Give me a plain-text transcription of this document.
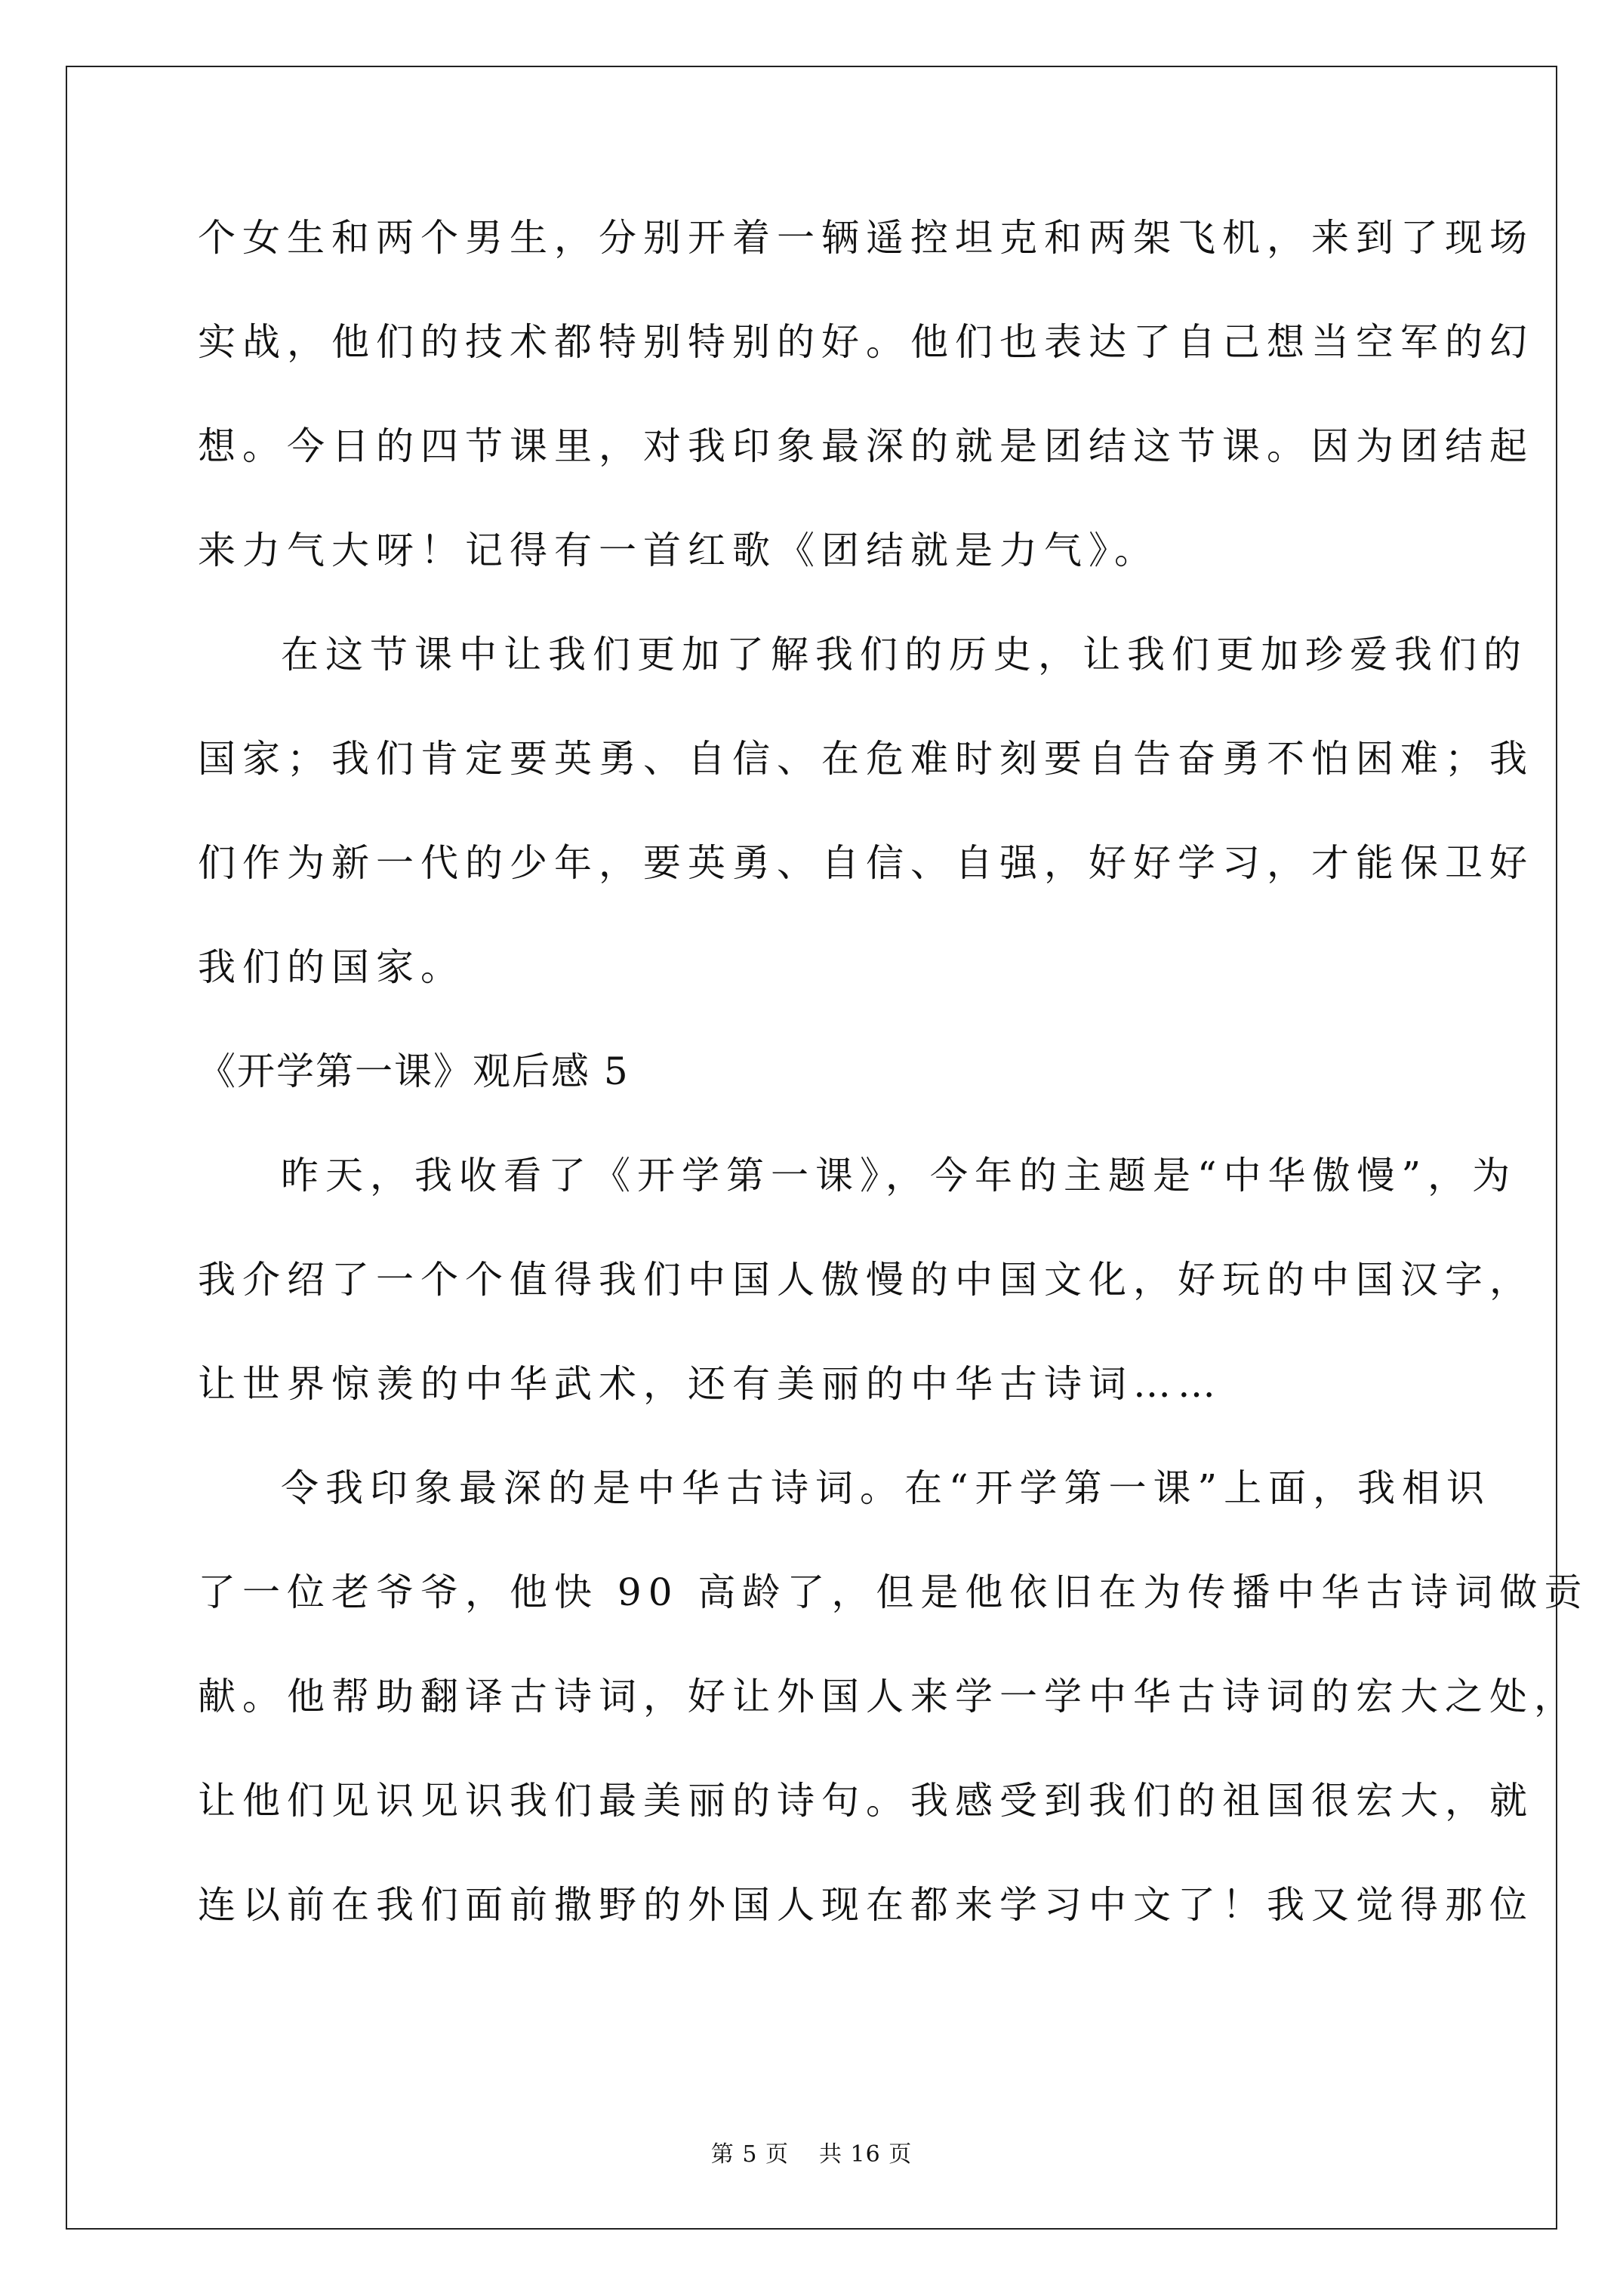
个女生和两个男生，分别开着一辆遥控坦克和两架飞机，来到了现场
实战，他们的技术都特别特别的好。他们也表达了自己想当空军的幻
想。今日的四节课里，对我印象最深的就是团结这节课。因为团结起
来力气大呀！记得有一首红歌《团结就是力气》。
在这节课中让我们更加了解我们的历史，让我们更加珍爱我们的
国家；我们肯定要英勇、自信、在危难时刻要自告奋勇不怕困难；我
们作为新一代的少年，要英勇、自信、自强，好好学习，才能保卫好
我们的国家。
《开学第一课》观后感 5
昨天，我收看了《开学第一课》，今年的主题是“中华傲慢”，为
我介绍了一个个值得我们中国人傲慢的中国文化，好玩的中国汉字，
让世界惊羡的中华武术，还有美丽的中华古诗词……
令我印象最深的是中华古诗词。在“开学第一课”上面，我相识
了一位老爷爷，他快 90 高龄了，但是他依旧在为传播中华古诗词做贡
献。他帮助翻译古诗词，好让外国人来学一学中华古诗词的宏大之处，
让他们见识见识我们最美丽的诗句。我感受到我们的祖国很宏大，就
连以前在我们面前撒野的外国人现在都来学习中文了！我又觉得那位
第 5 页 共 16 页
